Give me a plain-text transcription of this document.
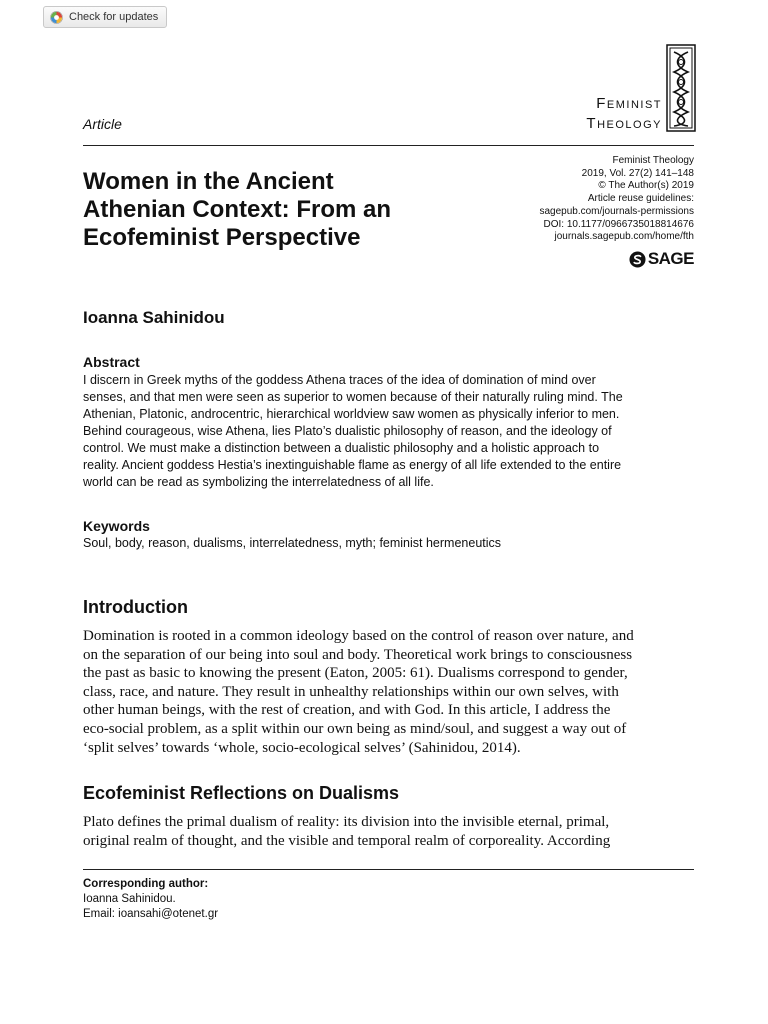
Check for updates
Article
Feminist
Theology
Women in the Ancient
Athenian Context: From an
Ecofeminist Perspective
Feminist Theology
2019, Vol. 27(2) 141–148
© The Author(s) 2019
Article reuse guidelines:
sagepub.com/journals-permissions
DOI: 10.1177/0966735018814676
journals.sagepub.com/home/fth
SAGE
Ioanna Sahinidou
Abstract

I discern in Greek myths of the goddess Athena traces of the idea of domination of mind over
senses, and that men were seen as superior to women because of their naturally ruling mind. The
Athenian, Platonic, androcentric, hierarchical worldview saw women as physically inferior to men.
Behind courageous, wise Athena, lies Plato’s dualistic philosophy of reason, and the ideology of
control. We must make a distinction between a dualistic philosophy and a holistic approach to
reality. Ancient goddess Hestia’s inextinguishable flame as energy of all life extended to the entire
world can be read as symbolizing the interrelatedness of all life.

Keywords
Soul, body, reason, dualisms, interrelatedness, myth; feminist hermeneutics
Introduction

Domination is rooted in a common ideology based on the control of reason over nature, and
on the separation of our being into soul and body. Theoretical work brings to consciousness
the past as basic to knowing the present (Eaton, 2005: 61). Dualisms correspond to gender,
class, race, and nature. They result in unhealthy relationships within our own selves, with
other human beings, with the rest of creation, and with God. In this article, I address the
eco-social problem, as a split within our own being as mind/soul, and suggest a way out of
‘split selves’ towards ‘whole, socio-ecological selves’ (Sahinidou, 2014).

Ecofeminist Reflections on Dualisms

Plato defines the primal dualism of reality: its division into the invisible eternal, primal,
original realm of thought, and the visible and temporal realm of corporeality. According

Corresponding author:
Ioanna Sahinidou.
Email: ioansahi@otenet.gr
